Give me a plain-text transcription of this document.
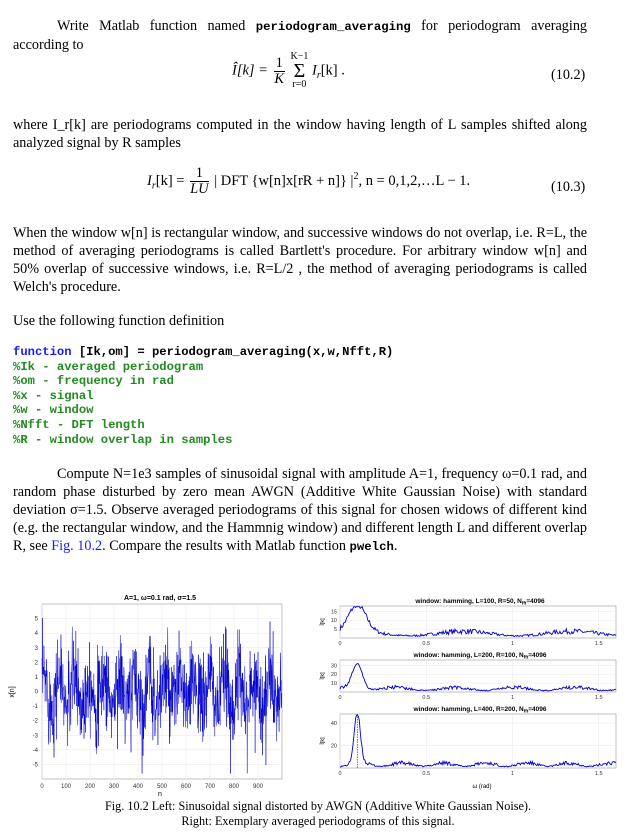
Write Matlab function named periodogram_averaging for periodogram averaging according to
Î[k] = $\frac{1}{K}$
K−1
Σ
r=0
$I_r[k]$ .	(10.2)
where I_r[k] are periodograms computed in the window having length of L samples shifted along analyzed signal by R samples
$I_r[k] = \frac{1}{LU}$ | DFT {w[n]x[rR + n]} $|^2$, n = 0,1,2,…L − 1.	(10.3)
When the window w[n] is rectangular window, and successive windows do not overlap, i.e. R=L, the method of averaging periodograms is called Bartlett's procedure. For arbitrary window w[n] and 50% overlap of successive windows, i.e. R=L/2 , the method of averaging periodograms is called Welch's procedure.
Use the following function definition
function [Ik,om] = periodogram_averaging(x,w,Nfft,R)
%Ik - averaged periodogram
%om - frequency in rad
%x - signal
%w - window
%Nfft - DFT length
%R - window overlap in samples
Compute N=1e3 samples of sinusoidal signal with amplitude A=1, frequency ω=0.1 rad, and random phase disturbed by zero mean AWGN (Additive White Gaussian Noise) with standard deviation σ=1.5. Observe averaged periodograms of this signal for chosen widows of different kind (e.g. the rectangular window, and the Hammnig window) and different length L and different overlap R, see Fig. 10.2. Compare the results with Matlab function pwelch.
A=1, ω=0.1 rad, σ=1.5
5
4
3
2
1
0
-1
-2
-3
-4
-5
0	100 200 300 400 500 600 700 800 900
n
x[n]
window: hamming, L=100, R=50, $N_{fft}=4096$
15
10
5
0	0.5	1	1.5
Î[k]
window: hamming, L=200, R=100, $N_{fft}=4096$
30
20
10
0	0.5	1	1.5
Î[k]
window: hamming, L=400, R=200, $N_{fft}=4096$
40
20
0	0.5	1	1.5
Î[k]
ω (rad)
Fig. 10.2 Left: Sinusoidal signal distorted by AWGN (Additive White Gaussian Noise).
Right: Exemplary averaged periodograms of this signal.
